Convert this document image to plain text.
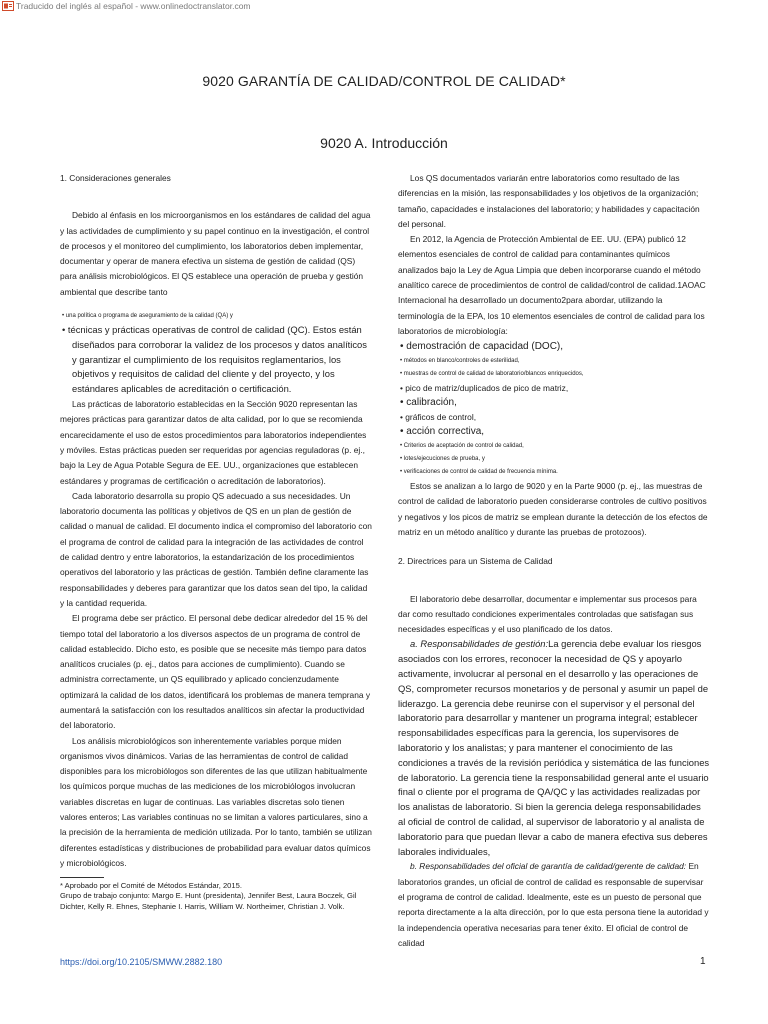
Traducido del inglés al español - www.onlinedoctranslator.com
9020 GARANTÍA DE CALIDAD/CONTROL DE CALIDAD*
9020 A. Introducción

1. Consideraciones generales

Debido al énfasis en los microorganismos en los estándares de calidad del agua y las actividades de cumplimiento y su papel continuo en la investigación, el control de procesos y el monitoreo del cumplimiento, los laboratorios deben implementar, documentar y operar de manera efectiva un sistema de gestión de calidad (QS) para análisis microbiológicos. El QS establece una operación de prueba y gestión ambiental que describe tanto

• una política o programa de aseguramiento de la calidad (QA) y

• técnicas y prácticas operativas de control de calidad (QC). Estos están diseñados para corroborar la validez de los procesos y datos analíticos y garantizar el cumplimiento de los requisitos reglamentarios, los objetivos y requisitos de calidad del cliente y del proyecto, y los estándares aplicables de acreditación o certificación.

Las prácticas de laboratorio establecidas en la Sección 9020 representan las mejores prácticas para garantizar datos de alta calidad, por lo que se recomienda encarecidamente el uso de estos procedimientos para laboratorios independientes y móviles. Estas prácticas pueden ser requeridas por agencias reguladoras (p. ej., bajo la Ley de Agua Potable Segura de EE. UU., organizaciones que establecen estándares y programas de certificación o acreditación de laboratorios).

Cada laboratorio desarrolla su propio QS adecuado a sus necesidades. Un laboratorio documenta las políticas y objetivos de QS en un plan de gestión de calidad o manual de calidad. El documento indica el compromiso del laboratorio con el programa de control de calidad para la integración de las actividades de control de calidad dentro y entre laboratorios, la estandarización de los procedimientos operativos del laboratorio y las prácticas de gestión. También define claramente las responsabilidades y deberes para garantizar que los datos sean del tipo, la calidad y la cantidad requerida.

El programa debe ser práctico. El personal debe dedicar alrededor del 15 % del tiempo total del laboratorio a los diversos aspectos de un programa de control de calidad establecido. Dicho esto, es posible que se necesite más tiempo para datos analíticos cruciales (p. ej., datos para acciones de cumplimiento). Cuando se administra correctamente, un QS equilibrado y aplicado concienzudamente optimizará la calidad de los datos, identificará los problemas de manera temprana y aumentará la satisfacción con los resultados analíticos sin afectar la productividad del laboratorio.

Los análisis microbiológicos son inherentemente variables porque miden organismos vivos dinámicos. Varias de las herramientas de control de calidad disponibles para los microbiólogos son diferentes de las que utilizan habitualmente los químicos porque muchas de las mediciones de los microbiólogos involucran variables discretas en lugar de continuas. Las variables discretas solo tienen valores enteros; Las variables continuas no se limitan a valores particulares, sino a la precisión de la herramienta de medición utilizada. Por lo tanto, también se utilizan diferentes estadísticas y distribuciones de probabilidad para evaluar datos químicos y microbiológicos.

* Aprobado por el Comité de Métodos Estándar, 2015.

Grupo de trabajo conjunto: Margo E. Hunt (presidenta), Jennifer Best, Laura Boczek, Gil Dichter, Kelly R. Ehnes, Stephanie I. Harris, William W. Northeimer, Christian J. Volk.

Los QS documentados variarán entre laboratorios como resultado de las diferencias en la misión, las responsabilidades y los objetivos de la organización; tamaño, capacidades e instalaciones del laboratorio; y habilidades y capacitación del personal.

En 2012, la Agencia de Protección Ambiental de EE. UU. (EPA) publicó 12 elementos esenciales de control de calidad para contaminantes químicos analizados bajo la Ley de Agua Limpia que deben incorporarse cuando el método analítico carece de procedimientos de control de calidad/control de calidad.1AOAC Internacional ha desarrollado un documento2para abordar, utilizando la terminología de la EPA, los 10 elementos esenciales de control de calidad para los laboratorios de microbiología:

• demostración de capacidad (DOC),

• métodos en blanco/controles de esterilidad,

• muestras de control de calidad de laboratorio/blancos enriquecidos,

• pico de matriz/duplicados de pico de matriz,

• calibración,

• gráficos de control,

• acción correctiva,

• Criterios de aceptación de control de calidad,

• lotes/ejecuciones de prueba, y

• verificaciones de control de calidad de frecuencia mínima.

Estos se analizan a lo largo de 9020 y en la Parte 9000 (p. ej., las muestras de control de calidad de laboratorio pueden considerarse controles de cultivo positivos y negativos y los picos de matriz se emplean durante la detección de los efectos de matriz en un método analítico y durante las pruebas de protozoos).

2. Directrices para un Sistema de Calidad

El laboratorio debe desarrollar, documentar e implementar sus procesos para dar como resultado condiciones experimentales controladas que satisfagan sus necesidades específicas y el uso planificado de los datos.

a. Responsabilidades de gestión:La gerencia debe evaluar los riesgos asociados con los errores, reconocer la necesidad de QS y apoyarlo activamente, involucrar al personal en el desarrollo y las operaciones de QS, comprometer recursos monetarios y de personal y asumir un papel de liderazgo. La gerencia debe reunirse con el supervisor y el personal del laboratorio para desarrollar y mantener un programa integral; establecer responsabilidades específicas para la gerencia, los supervisores de laboratorio y los analistas; y para mantener el conocimiento de las condiciones a través de la revisión periódica y sistemática de las funciones de laboratorio. La gerencia tiene la responsabilidad general ante el usuario final o cliente por el programa de QA/QC y las actividades realizadas por los analistas de laboratorio. Si bien la gerencia delega responsabilidades al oficial de control de calidad, al supervisor de laboratorio y al analista de laboratorio para que puedan llevar a cabo de manera efectiva sus deberes laborales individuales,

b. Responsabilidades del oficial de garantía de calidad/gerente de calidad: En laboratorios grandes, un oficial de control de calidad es responsable de supervisar el programa de control de calidad. Idealmente, este es un puesto de personal que reporta directamente a la alta dirección, por lo que esta persona tiene la autoridad y la independencia operativa necesarias para tener éxito. El oficial de control de calidad

https://doi.org/10.2105/SMWW.2882.180	1
